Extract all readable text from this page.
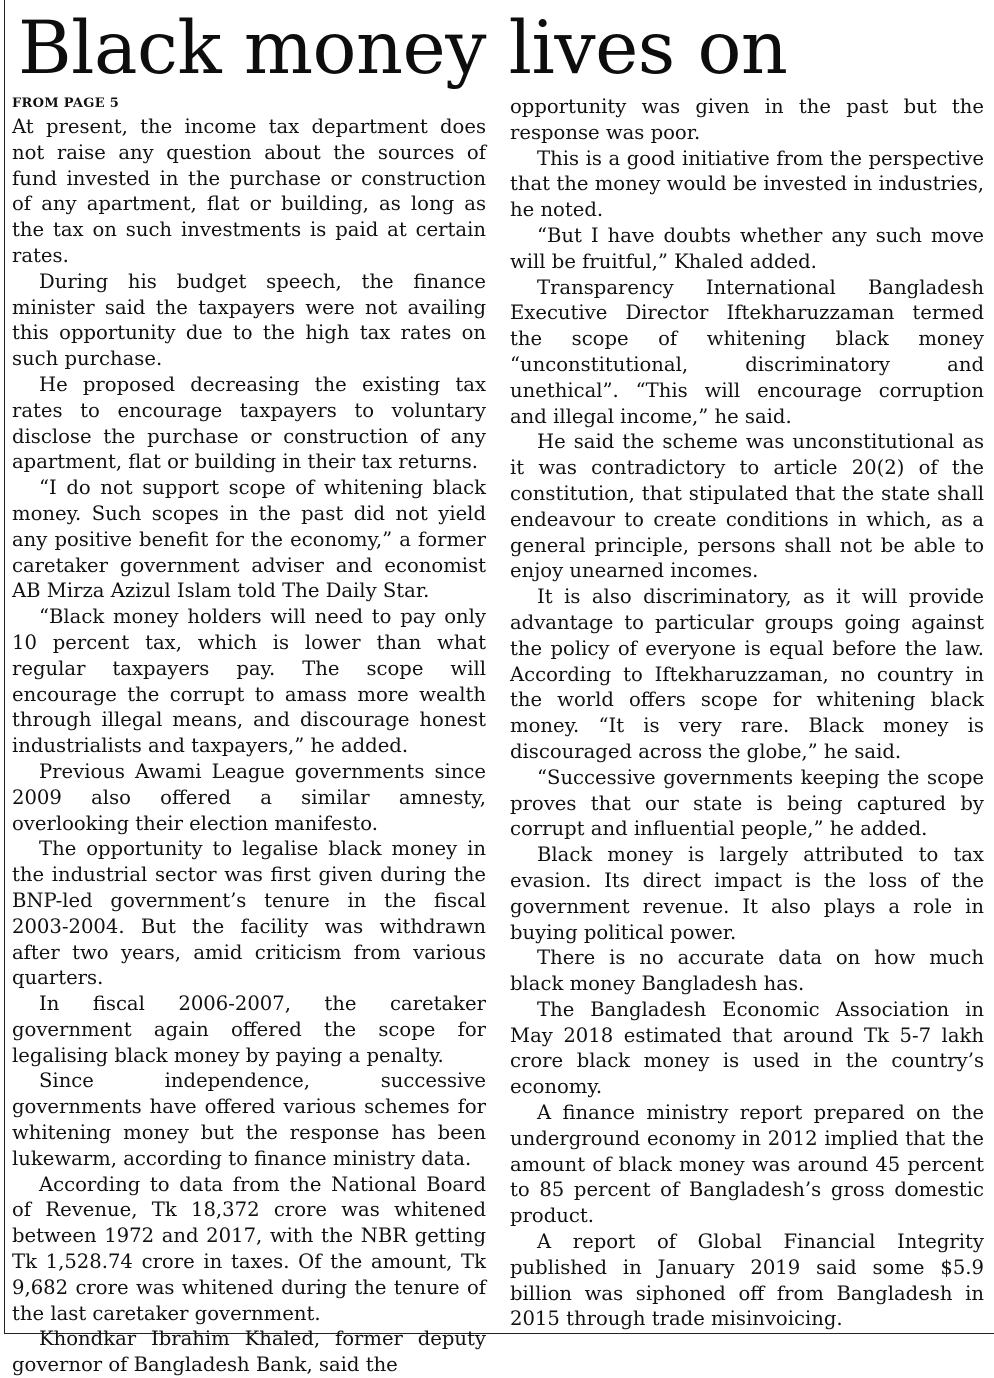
Black money lives on
FROM PAGE 5

At present, the income tax department does not raise any question about the sources of fund invested in the purchase or construction of any apartment, flat or building, as long as the tax on such investments is paid at certain rates.

During his budget speech, the finance minister said the taxpayers were not availing this opportunity due to the high tax rates on such purchase.

He proposed decreasing the existing tax rates to encourage taxpayers to voluntary disclose the purchase or construction of any apartment, flat or building in their tax returns.

“I do not support scope of whitening black money. Such scopes in the past did not yield any positive benefit for the economy,” a former caretaker government adviser and economist AB Mirza Azizul Islam told The Daily Star.

“Black money holders will need to pay only 10 percent tax, which is lower than what regular taxpayers pay. The scope will encourage the corrupt to amass more wealth through illegal means, and discourage honest industrialists and taxpayers,” he added.

Previous Awami League governments since 2009 also offered a similar amnesty, overlooking their election manifesto.

The opportunity to legalise black money in the industrial sector was first given during the BNP-led government’s tenure in the fiscal 2003-2004. But the facility was withdrawn after two years, amid criticism from various quarters.

In fiscal 2006-2007, the caretaker government again offered the scope for legalising black money by paying a penalty.

Since independence, successive governments have offered various schemes for whitening money but the response has been lukewarm, according to finance ministry data.

According to data from the National Board of Revenue, Tk 18,372 crore was whitened between 1972 and 2017, with the NBR getting Tk 1,528.74 crore in taxes. Of the amount, Tk 9,682 crore was whitened during the tenure of the last caretaker government.

Khondkar Ibrahim Khaled, former deputy governor of Bangladesh Bank, said the

opportunity was given in the past but the response was poor.

This is a good initiative from the perspective that the money would be invested in industries, he noted.

“But I have doubts whether any such move will be fruitful,” Khaled added.

Transparency International Bangladesh Executive Director Iftekharuzzaman termed the scope of whitening black money “unconstitutional, discriminatory and unethical”. “This will encourage corruption and illegal income,” he said.

He said the scheme was unconstitutional as it was contradictory to article 20(2) of the constitution, that stipulated that the state shall endeavour to create conditions in which, as a general principle, persons shall not be able to enjoy unearned incomes.

It is also discriminatory, as it will provide advantage to particular groups going against the policy of everyone is equal before the law. According to Iftekharuzzaman, no country in the world offers scope for whitening black money. “It is very rare. Black money is discouraged across the globe,” he said.

“Successive governments keeping the scope proves that our state is being captured by corrupt and influential people,” he added.

Black money is largely attributed to tax evasion. Its direct impact is the loss of the government revenue. It also plays a role in buying political power.

There is no accurate data on how much black money Bangladesh has.

The Bangladesh Economic Association in May 2018 estimated that around Tk 5-7 lakh crore black money is used in the country’s economy.

A finance ministry report prepared on the underground economy in 2012 implied that the amount of black money was around 45 percent to 85 percent of Bangladesh’s gross domestic product.

A report of Global Financial Integrity published in January 2019 said some $5.9 billion was siphoned off from Bangladesh in 2015 through trade misinvoicing.
